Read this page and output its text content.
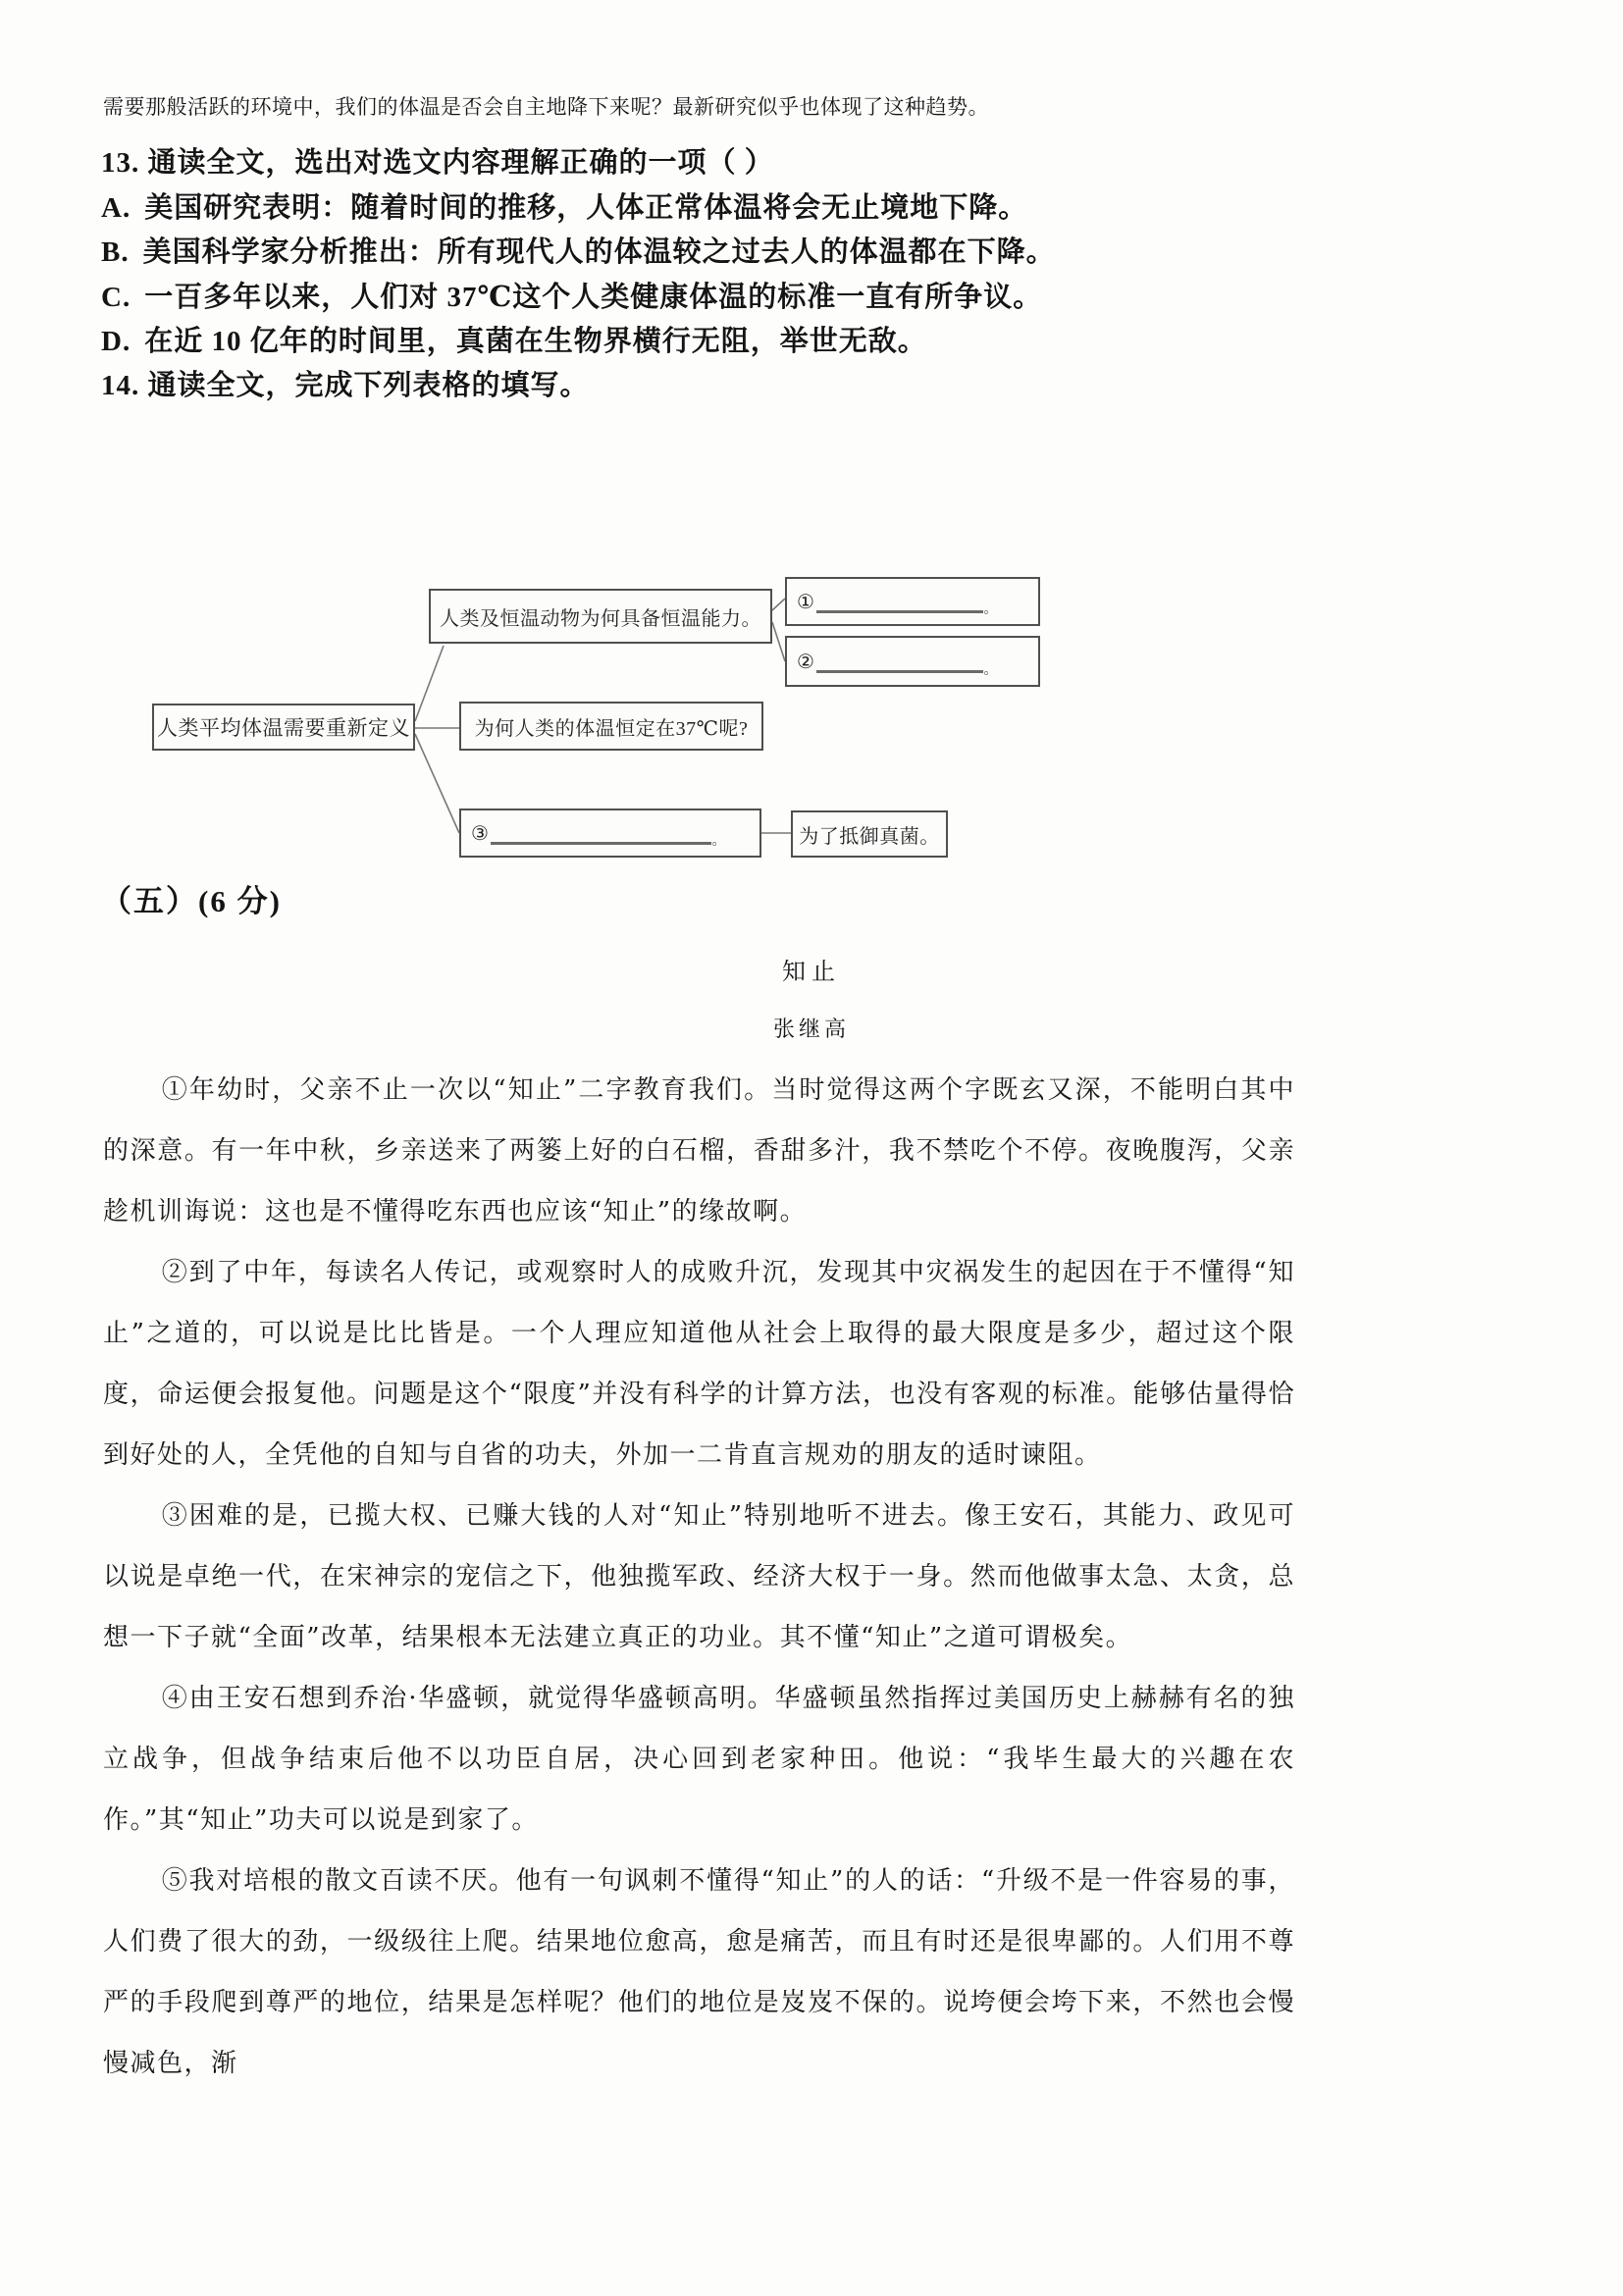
需要那般活跃的环境中，我们的体温是否会自主地降下来呢？最新研究似乎也体现了这种趋势。
13. 通读全文，选出对选文内容理解正确的一项（ ）
A. 美国研究表明：随着时间的推移，人体正常体温将会无止境地下降。
B. 美国科学家分析推出：所有现代人的体温较之过去人的体温都在下降。
C. 一百多年以来，人们对 37℃这个人类健康体温的标准一直有所争议。
D. 在近 10 亿年的时间里，真菌在生物界横行无阻，举世无敌。
14. 通读全文，完成下列表格的填写。
人类及恒温动物为何具备恒温能力。
①	。
②	。
人类平均体温需要重新定义	为何人类的体温恒定在37℃呢?
③	。	为了抵御真菌。
（五）(6 分)
知止
张继高

①年幼时，父亲不止一次以“知止”二字教育我们。当时觉得这两个字既玄又深，不能明白其中的深意。有一年中秋，乡亲送来了两篓上好的白石榴，香甜多汁，我不禁吃个不停。夜晚腹泻，父亲趁机训诲说：这也是不懂得吃东西也应该“知止”的缘故啊。

②到了中年，每读名人传记，或观察时人的成败升沉，发现其中灾祸发生的起因在于不懂得“知止”之道的，可以说是比比皆是。一个人理应知道他从社会上取得的最大限度是多少，超过这个限度，命运便会报复他。问题是这个“限度”并没有科学的计算方法，也没有客观的标准。能够估量得恰到好处的人，全凭他的自知与自省的功夫，外加一二肯直言规劝的朋友的适时谏阻。

③困难的是，已揽大权、已赚大钱的人对“知止”特别地听不进去。像王安石，其能力、政见可以说是卓绝一代，在宋神宗的宠信之下，他独揽军政、经济大权于一身。然而他做事太急、太贪，总想一下子就“全面”改革，结果根本无法建立真正的功业。其不懂“知止”之道可谓极矣。

④由王安石想到乔治·华盛顿，就觉得华盛顿高明。华盛顿虽然指挥过美国历史上赫赫有名的独立战争，但战争结束后他不以功臣自居，决心回到老家种田。他说：“我毕生最大的兴趣在农作。”其“知止”功夫可以说是到家了。

⑤我对培根的散文百读不厌。他有一句讽刺不懂得“知止”的人的话：“升级不是一件容易的事，人们费了很大的劲，一级级往上爬。结果地位愈高，愈是痛苦，而且有时还是很卑鄙的。人们用不尊严的手段爬到尊严的地位，结果是怎样呢？他们的地位是岌岌不保的。说垮便会垮下来，不然也会慢慢减色，渐
